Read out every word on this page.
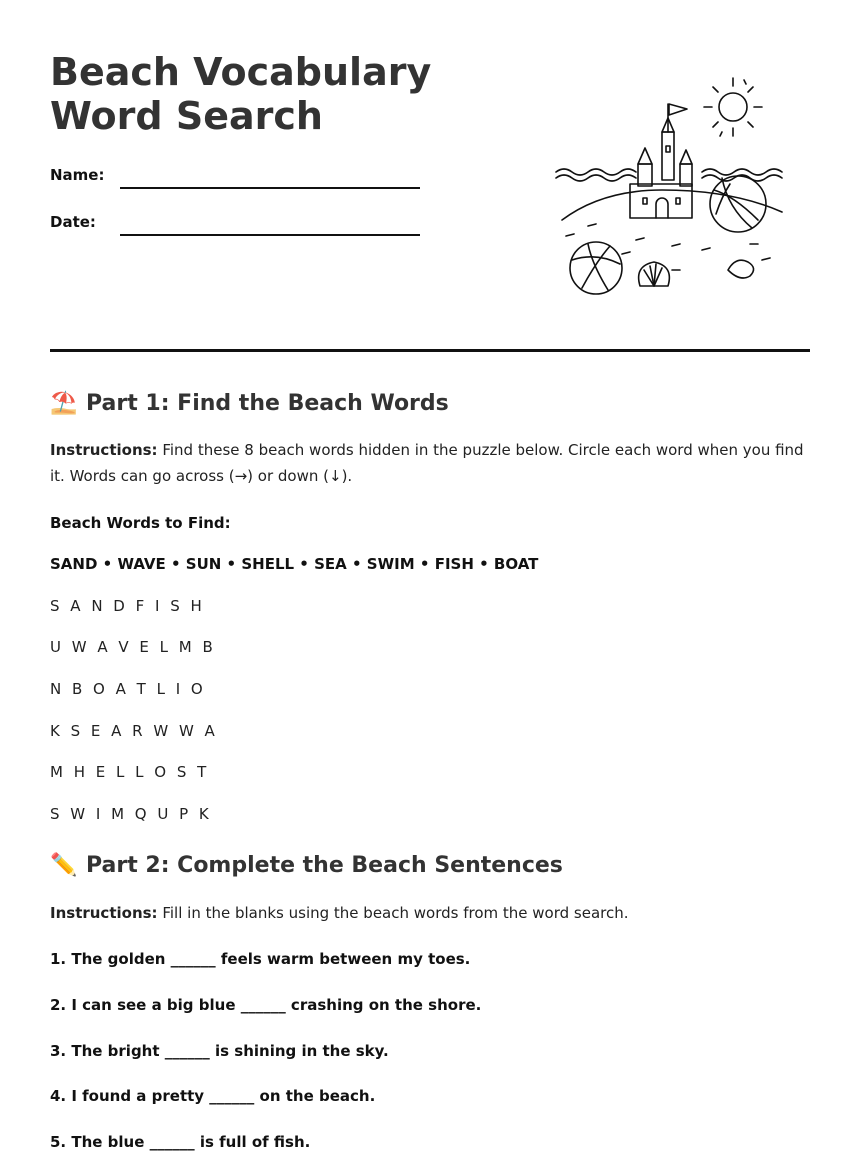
Beach Vocabulary Word Search
Name:
Date:
⛱️ Part 1: Find the Beach Words

Instructions: Find these 8 beach words hidden in the puzzle below. Circle each word when you find it. Words can go across (→) or down (↓).

Beach Words to Find:
SAND • WAVE • SUN • SHELL • SEA • SWIM • FISH • BOAT
S A N D F I S H
U W A V E L M B
N B O A T L I O
K S E A R W W A
M H E L L O S T
S W I M Q U P K
✏️ Part 2: Complete the Beach Sentences

Instructions: Fill in the blanks using the beach words from the word search.

1. The golden ______ feels warm between my toes.
2. I can see a big blue ______ crashing on the shore.
3. The bright ______ is shining in the sky.
4. I found a pretty ______ on the beach.
5. The blue ______ is full of fish.
